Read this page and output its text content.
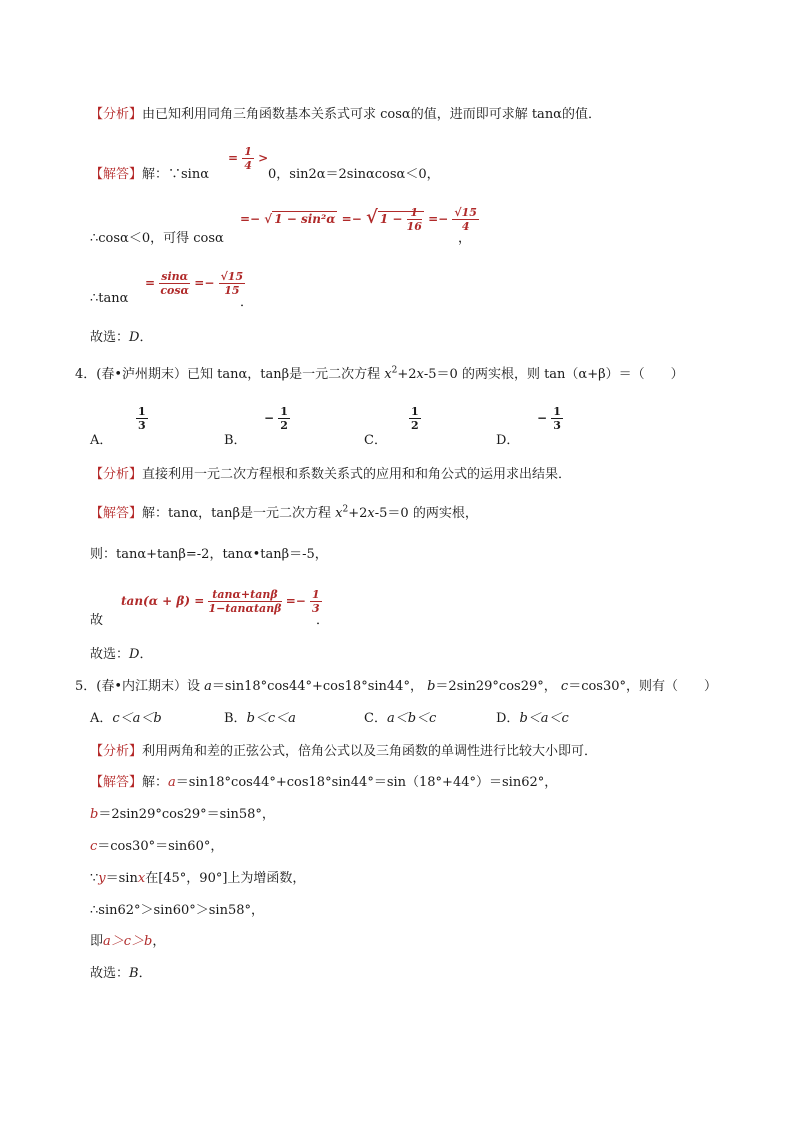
【分析】由已知利用同角三角函数基本关系式可求 cosα的值，进而即可求解 tanα的值．
【解答】解：∵sinα
= $\frac{1}{4}$ >
0，sin2α＝2sinαcosα＜0，
∴cosα＜0，可得 cosα
=− √ 1 − sin²α =− √ $1 - \frac{1}{16} =- \frac{√15}{4}$
，
∴tanα
= $\frac{\sin\alpha}{\cos\alpha} =- \frac{√15}{15}$
．
故选：D．
4．(春•泸州期末）已知 tanα，tanβ是一元二次方程 $x^2+2x-5=0$ 的两实根，则 tan（α+β）＝（　　）
A．
$\frac{1}{3}$
B．
− $\frac{1}{2}$
C．
$\frac{1}{2}$
D．
− $\frac{1}{3}$
【分析】直接利用一元二次方程根和系数关系式的应用和和角公式的运用求出结果．
【解答】解：tanα，tanβ是一元二次方程 $x^2+2x-5=0$ 的两实根，
则：tanα+tanβ=-2，tanα•tanβ＝-5，
故
$\tan(\alpha + \beta) = \frac{\tan\alpha+\tan\beta}{1-\tan\alpha\tan\beta} =- \frac{1}{3}$
．
故选：D．
5．(春•内江期末）设 a＝sin18°cos44°+cos18°sin44°， b＝2sin29°cos29°， c＝cos30°，则有（　　）
A．c＜a＜b	B．b＜c＜a	C．a＜b＜c	D．b＜a＜c
【分析】利用两角和差的正弦公式，倍角公式以及三角函数的单调性进行比较大小即可．
【解答】解：a＝sin18°cos44°+cos18°sin44°＝sin（18°+44°）＝sin62°，
b＝2sin29°cos29°＝sin58°，
c＝cos30°＝sin60°，
∵y＝sinx在[45°，90°]上为增函数，
∴sin62°＞sin60°＞sin58°，
即a＞c＞b，
故选：B．
